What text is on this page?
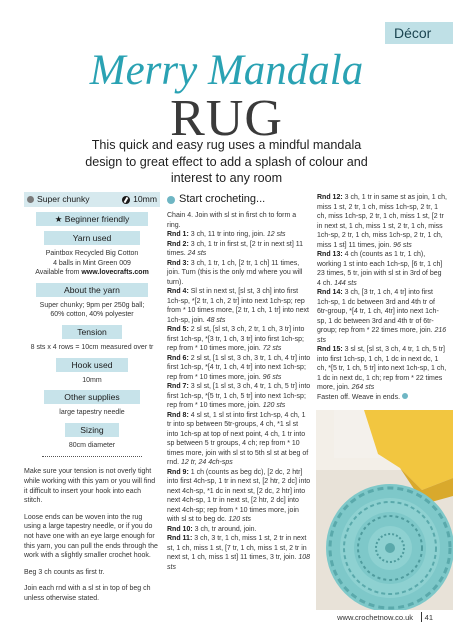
Décor
Merry Mandala
RUG
This quick and easy rug uses a mindful mandala design to great effect to add a splash of colour and interest to any room
Super chunky	10mm
★ Beginner friendly
Yarn used
Paintbox Recycled Big Cotton
4 balls in Mint Green 009
Available from www.lovecrafts.com
About the yarn
Super chunky; 9pm per 250g ball;
60% cotton, 40% polyester
Tension
8 sts x 4 rows = 10cm measured over tr
Hook used
10mm
Other supplies
large tapestry needle
Sizing
80cm diameter

Make sure your tension is not overly tight while working with this yarn or you will find it difficult to insert your hook into each stitch.

Loose ends can be woven into the rug using a large tapestry needle, or if you do not have one with an eye large enough for this yarn, you can pull the ends through the work with a slightly smaller crochet hook.

Beg 3 ch counts as first tr.

Join each rnd with a sl st in top of beg ch unless otherwise stated.

Start crocheting...

Chain 4. Join with sl st in first ch to form a ring.

Rnd 1: 3 ch, 11 tr into ring, join. 12 sts

Rnd 2: 3 ch, 1 tr in first st, [2 tr in next st] 11 times. 24 sts

Rnd 3: 3 ch, 1 tr, 1 ch, [2 tr, 1 ch] 11 times, join. Turn (this is the only rnd where you will turn).

Rnd 4: Sl st in next st, [sl st, 3 ch] into first 1ch-sp, *[2 tr, 1 ch, 2 tr] into next 1ch-sp; rep from * 10 times more, [2 tr, 1 ch, 1 tr] into next 1ch-sp, join. 48 sts

Rnd 5: 2 sl st, [sl st, 3 ch, 2 tr, 1 ch, 3 tr] into first 1ch-sp, *[3 tr, 1 ch, 3 tr] into first 1ch-sp; rep from * 10 times more, join. 72 sts

Rnd 6: 2 sl st, [1 sl st, 3 ch, 3 tr, 1 ch, 4 tr] into first 1ch-sp, *[4 tr, 1 ch, 4 tr] into next 1ch-sp; rep from * 10 times more, join. 96 sts

Rnd 7: 3 sl st, [1 sl st, 3 ch, 4 tr, 1 ch, 5 tr] into first 1ch-sp, *[5 tr, 1 ch, 5 tr] into next 1ch-sp; rep from * 10 times more, join. 120 sts

Rnd 8: 4 sl st, 1 sl st into first 1ch-sp, 4 ch, 1 tr into sp between 5tr-groups, 4 ch, *1 sl st into 1ch-sp at top of next point, 4 ch, 1 tr into sp between 5 tr groups, 4 ch; rep from * 10 times more, join with sl st to 5th sl st at beg of rnd. 12 tr, 24 4ch-sps

Rnd 9: 1 ch (counts as beg dc), [2 dc, 2 htr] into first 4ch-sp, 1 tr in next st, [2 htr, 2 dc] into next 4ch-sp, *1 dc in next st, [2 dc, 2 htr] into next 4ch-sp, 1 tr in next st, [2 htr, 2 dc] into next 4ch-sp; rep from * 10 times more, join with sl st to beg dc. 120 sts

Rnd 10: 3 ch, tr around, join.

Rnd 11: 3 ch, 3 tr, 1 ch, miss 1 st, 2 tr in next st, 1 ch, miss 1 st, [7 tr, 1 ch, miss 1 st, 2 tr in next st, 1 ch, miss 1 st] 11 times, 3 tr, join. 108 sts

Rnd 12: 3 ch, 1 tr in same st as join, 1 ch, miss 1 st, 2 tr, 1 ch, miss 1ch-sp, 2 tr, 1 ch, miss 1ch-sp, 2 tr, 1 ch, miss 1 st, [2 tr in next st, 1 ch, miss 1 st, 2 tr, 1 ch, miss 1ch-sp, 2 tr, 1 ch, miss 1ch-sp, 2 tr, 1 ch, miss 1 st] 11 times, join. 96 sts

Rnd 13: 4 ch (counts as 1 tr, 1 ch), working 1 st into each 1ch-sp, [6 tr, 1 ch] 23 times, 5 tr, join with sl st in 3rd of beg 4 ch. 144 sts

Rnd 14: 3 ch, [3 tr, 1 ch, 4 tr] into first 1ch-sp, 1 dc between 3rd and 4th tr of 6tr-group, *[4 tr, 1 ch, 4tr] into next 1ch-sp, 1 dc between 3rd and 4th tr of 6tr-group; rep from * 22 times more, join. 216 sts

Rnd 15: 3 sl st, [sl st, 3 ch, 4 tr, 1 ch, 5 tr] into first 1ch-sp, 1 ch, 1 dc in next dc, 1 ch, *[5 tr, 1 ch, 5 tr] into next 1ch-sp, 1 ch, 1 dc in next dc, 1 ch; rep from * 22 times more, join. 264 sts

Fasten off. Weave in ends.

www.crochetnow.co.uk 41
